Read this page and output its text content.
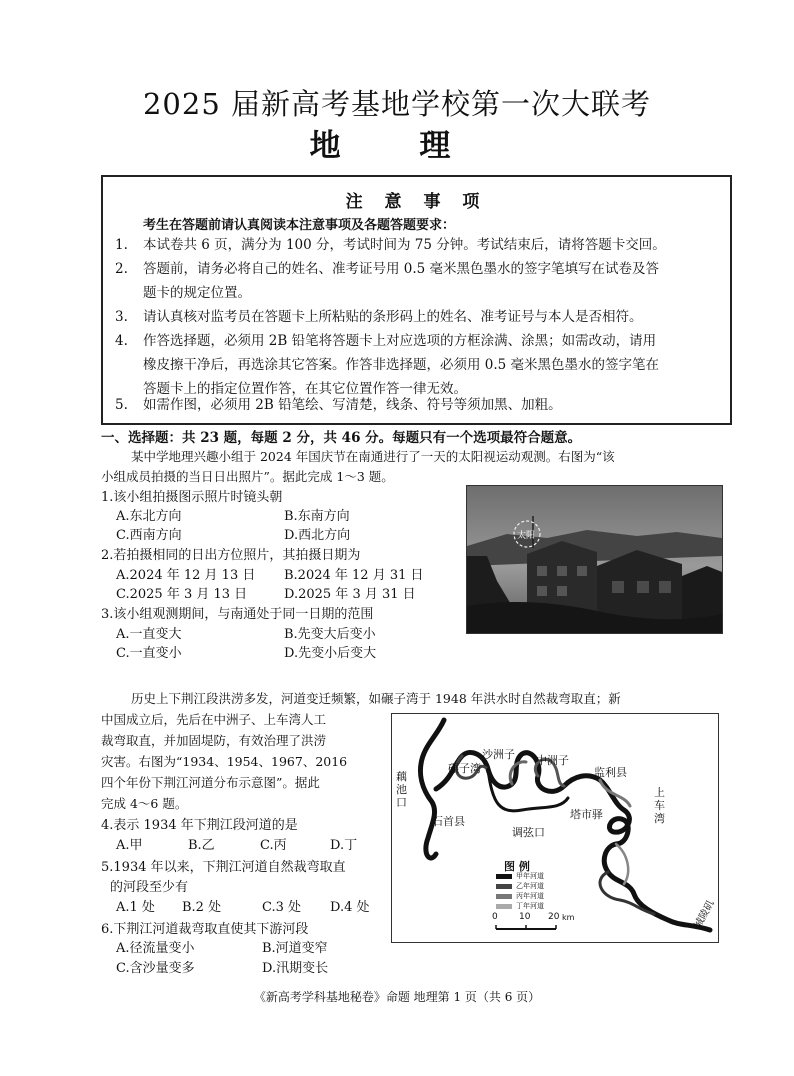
2025 届新高考基地学校第一次大联考
地 理
注 意 事 项
考生在答题前请认真阅读本注意事项及各题答题要求：
1. 本试卷共 6 页，满分为 100 分，考试时间为 75 分钟。考试结束后，请将答题卡交回。
2. 答题前，请务必将自己的姓名、准考证号用 0.5 毫米黑色墨水的签字笔填写在试卷及答
题卡的规定位置。
3. 请认真核对监考员在答题卡上所粘贴的条形码上的姓名、准考证号与本人是否相符。
4. 作答选择题，必须用 2B 铅笔将答题卡上对应选项的方框涂满、涂黑；如需改动，请用
橡皮擦干净后，再选涂其它答案。作答非选择题，必须用 0.5 毫米黑色墨水的签字笔在
答题卡上的指定位置作答，在其它位置作答一律无效。
5. 如需作图，必须用 2B 铅笔绘、写清楚，线条、符号等须加黑、加粗。
一、选择题：共 23 题，每题 2 分，共 46 分。每题只有一个选项最符合题意。
某中学地理兴趣小组于 2024 年国庆节在南通进行了一天的太阳视运动观测。右图为“该
小组成员拍摄的当日日出照片”。据此完成 1～3 题。
1.该小组拍摄图示照片时镜头朝
A.东北方向	B.东南方向
C.西南方向	D.西北方向
2.若拍摄相同的日出方位照片，其拍摄日期为
A.2024 年 12 月 13 日 B.2024 年 12 月 31 日
C.2025 年 3 月 13 日	D.2025 年 3 月 31 日
3.该小组观测期间，与南通处于同一日期的范围
A.一直变大	B.先变大后变小
C.一直变小	D.先变小后变大
太阳
历史上下荆江段洪涝多发，河道变迁频繁，如碾子湾于 1948 年洪水时自然裁弯取直；新
中国成立后，先后在中洲子、上车湾人工
裁弯取直，并加固堤防，有效治理了洪涝
灾害。右图为“1934、1954、1967、2016
四个年份下荆江河道分布示意图”。据此
完成 4～6 题。
4.表示 1934 年下荆江段河道的是
A.甲	B.乙	C.丙	D.丁
5.1934 年以来，下荆江河道自然裁弯取直
的河段至少有
A.1 处 B.2 处	C.3 处 D.4 处
6.下荆江河道裁弯取直使其下游河段
A.径流量变小	B.河道变窄
C.含沙量变多	D.汛期变长
藕池口
碾子湾
沙洲子 中洲子
监利县
上车湾
石首县
调弦口
塔市驿
城陵矶
图 例
甲年河道
乙年河道
丙年河道
丁年河道
0 10 20 km
《新高考学科基地秘卷》命题 地理第 1 页（共 6 页）
